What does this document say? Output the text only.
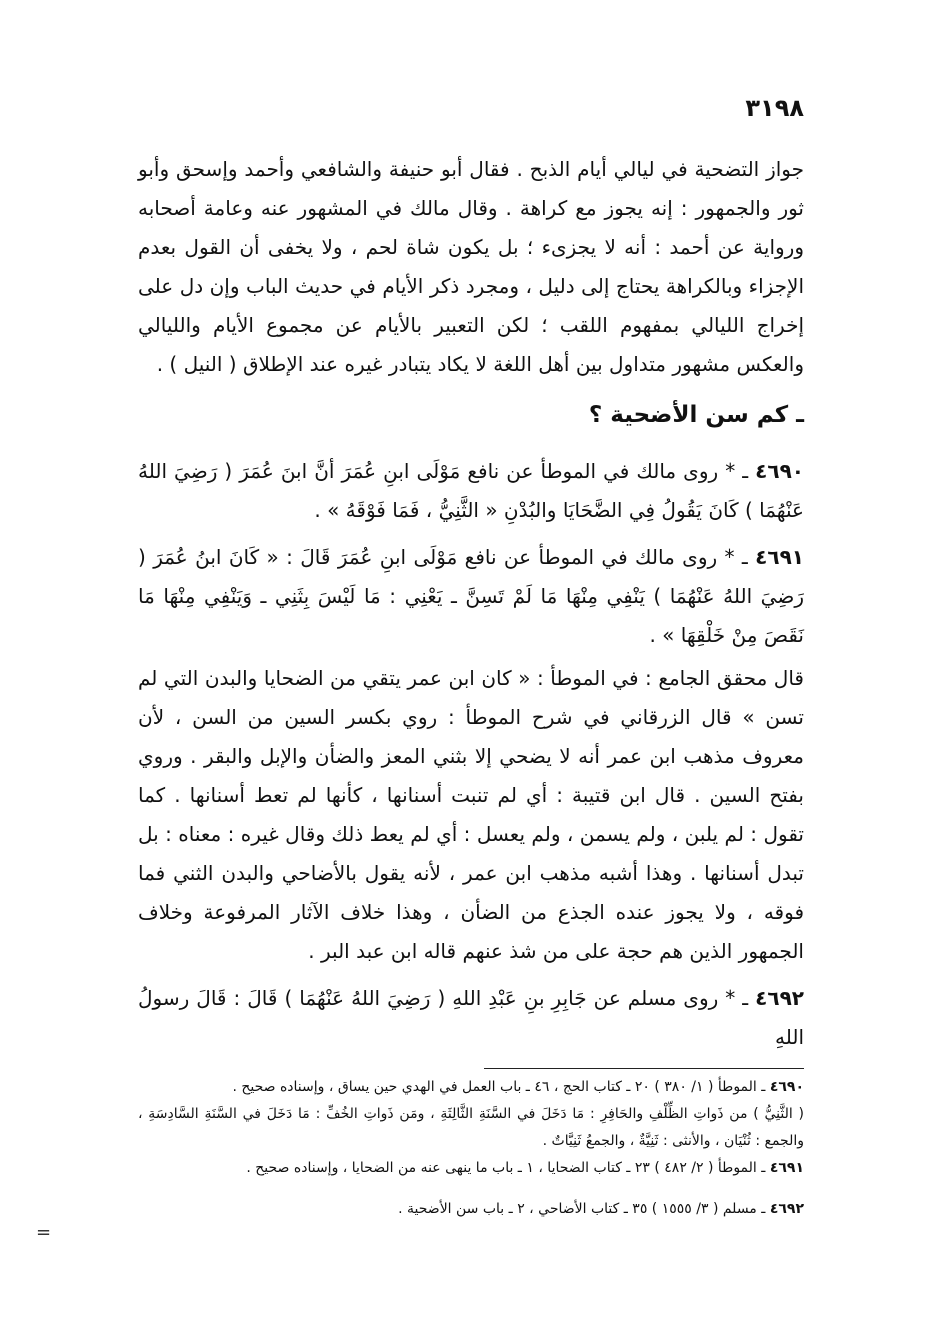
٣١٩٨

جواز التضحية في ليالي أيام الذبح . فقال أبو حنيفة والشافعي وأحمد وإسحق وأبو ثور والجمهور : إنه يجوز مع كراهة . وقال مالك في المشهور عنه وعامة أصحابه ورواية عن أحمد : أنه لا يجزىء ؛ بل يكون شاة لحم ، ولا يخفى أن القول بعدم الإجزاء وبالكراهة يحتاج إلى دليل ، ومجرد ذكر الأيام في حديث الباب وإن دل على إخراج الليالي بمفهوم اللقب ؛ لكن التعبير بالأيام عن مجموع الأيام والليالي والعكس مشهور متداول بين أهل اللغة لا يكاد يتبادر غيره عند الإطلاق ( النيل ) .

ـ كم سن الأضحية ؟

٤٦٩٠ ـ * روى مالك في الموطأ عن نافع مَوْلَى ابنِ عُمَرَ أنَّ ابنَ عُمَرَ ( رَضِيَ اللهُ عَنْهُمَا ) كَانَ يَقُولُ فِي الضَّحَايَا والبُدْنِ « الثَّنِيُّ ، فَمَا فَوْقَهُ » .

٤٦٩١ ـ * روى مالك في الموطأ عن نافع مَوْلَى ابنِ عُمَرَ قَالَ : « كَانَ ابنُ عُمَرَ ( رَضِيَ اللهُ عَنْهُمَا ) يَنْفِي مِنْهَا مَا لَمْ تَسِنَّ ـ يَعْنِي : مَا لَيْسَ بِثَنِي ـ وَيَنْفِي مِنْهَا مَا نَقَصَ مِنْ خَلْقِهَا » .

قال محقق الجامع : في الموطأ : « كان ابن عمر يتقي من الضحايا والبدن التي لم تسن » قال الزرقاني في شرح الموطأ : روي بكسر السين من السن ، لأن معروف مذهب ابن عمر أنه لا يضحي إلا بثني المعز والضأن والإبل والبقر . وروي بفتح السين . قال ابن قتيبة : أي لم تنبت أسنانها ، كأنها لم تعط أسنانها . كما تقول : لم يلبن ، ولم يسمن ، ولم يعسل : أي لم يعط ذلك وقال غيره : معناه : بل تبدل أسنانها . وهذا أشبه مذهب ابن عمر ، لأنه يقول بالأضاحي والبدن الثني فما فوقه ، ولا يجوز عنده الجذع من الضأن ، وهذا خلاف الآثار المرفوعة وخلاف الجمهور الذين هم حجة على من شذ عنهم قاله ابن عبد البر .

٤٦٩٢ ـ * روى مسلم عن جَابِرِ بنِ عَبْدِ اللهِ ( رَضِيَ اللهُ عَنْهُمَا ) قَالَ : قَالَ رسولُ اللهِ

٤٦٩٠ ـ الموطأ ( ١/ ٣٨٠ ) ٢٠ ـ كتاب الحج ، ٤٦ ـ باب العمل في الهدي حين يساق ، وإسناده صحيح .

( الثَّنِيُّ ) من ذَواتِ الظِّلْفِ والحَافِرِ : مَا دَخَلَ في السَّنَةِ الثَّالِثَةِ ، ومَن ذَواتِ الخُفِّ : مَا دَخَلَ في السَّنَةِ السَّادِسَةِ ، والجمع : ثُنْيَان ، والأنثى : ثَنِيَّةٌ ، والجمعُ ثَنِيَّاتٌ .

٤٦٩١ ـ الموطأ ( ٢/ ٤٨٢ ) ٢٣ ـ كتاب الضحايا ، ١ ـ باب ما ينهى عنه من الضحايا ، وإسناده صحيح .

٤٦٩٢ ـ مسلم ( ٣/ ١٥٥٥ ) ٣٥ ـ كتاب الأضاحي ، ٢ ـ باب سن الأضحية .

=
